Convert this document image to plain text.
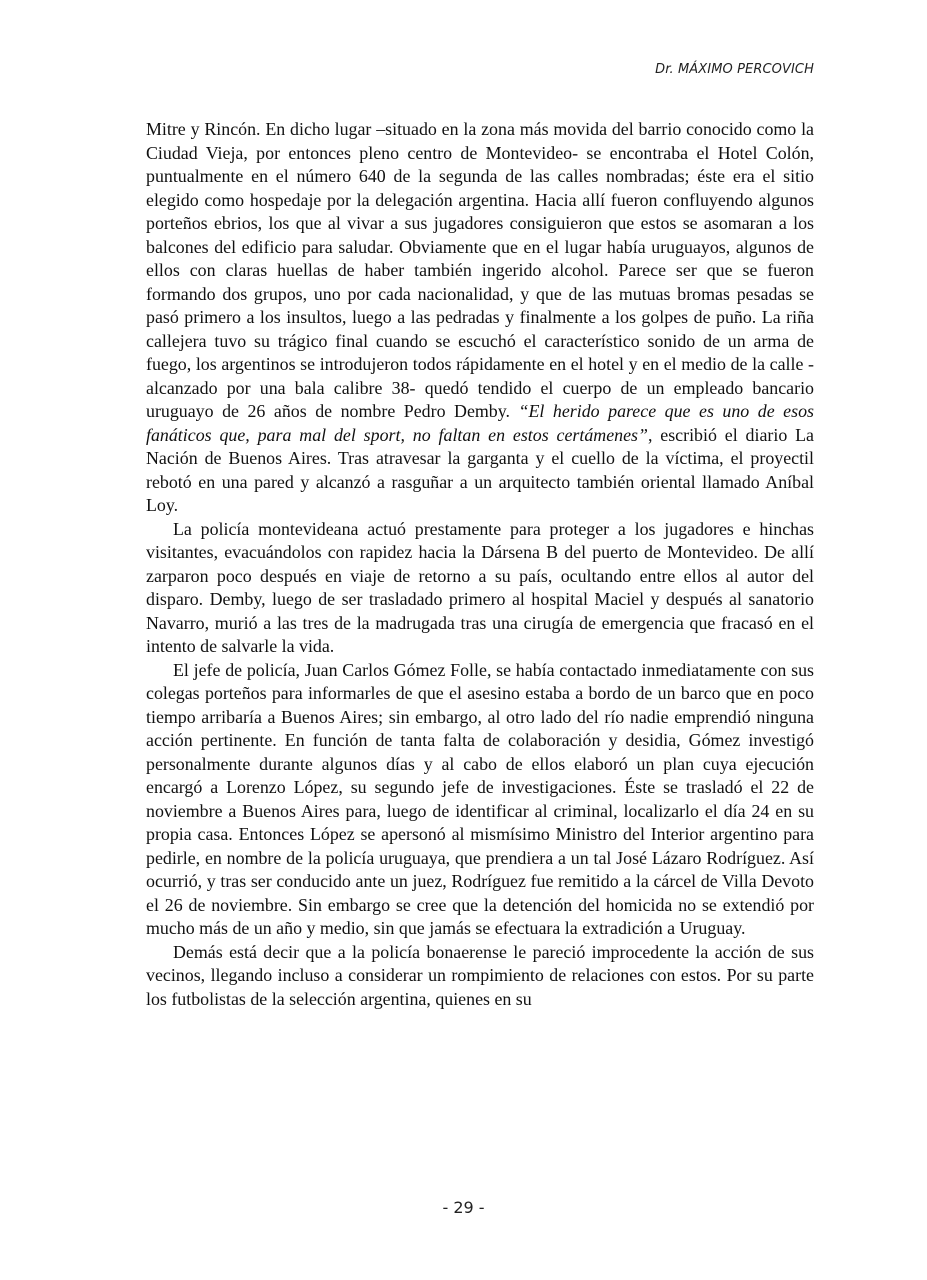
Dr. MÁXIMO PERCOVICH

Mitre y Rincón. En dicho lugar –situado en la zona más movida del barrio conocido como la Ciudad Vieja, por entonces pleno centro de Montevideo- se encontraba el Hotel Colón, puntualmente en el número 640 de la segunda de las calles nombradas; éste era el sitio elegido como hospedaje por la delegación argentina. Hacia allí fueron confluyendo algunos porteños ebrios, los que al vivar a sus jugadores consiguieron que estos se asomaran a los balcones del edificio para saludar. Obviamente que en el lugar había uruguayos, algunos de ellos con claras huellas de haber también ingerido alcohol. Parece ser que se fueron formando dos grupos, uno por cada nacionalidad, y que de las mutuas bromas pesadas se pasó primero a los insultos, luego a las pedradas y finalmente a los golpes de puño. La riña callejera tuvo su trágico final cuando se escuchó el característico sonido de un arma de fuego, los argentinos se introdujeron todos rápidamente en el hotel y en el medio de la calle -alcanzado por una bala calibre 38- quedó tendido el cuerpo de un empleado bancario uruguayo de 26 años de nombre Pedro Demby. “El herido parece que es uno de esos fanáticos que, para mal del sport, no faltan en estos certámenes”, escribió el diario La Nación de Buenos Aires. Tras atravesar la garganta y el cuello de la víctima, el proyectil rebotó en una pared y alcanzó a rasguñar a un arquitecto también oriental llamado Aníbal Loy.

La policía montevideana actuó prestamente para proteger a los jugadores e hinchas visitantes, evacuándolos con rapidez hacia la Dársena B del puerto de Montevideo. De allí zarparon poco después en viaje de retorno a su país, ocultando entre ellos al autor del disparo. Demby, luego de ser trasladado primero al hospital Maciel y después al sanatorio Navarro, murió a las tres de la madrugada tras una cirugía de emergencia que fracasó en el intento de salvarle la vida.

El jefe de policía, Juan Carlos Gómez Folle, se había contactado inmediatamente con sus colegas porteños para informarles de que el asesino estaba a bordo de un barco que en poco tiempo arribaría a Buenos Aires; sin embargo, al otro lado del río nadie emprendió ninguna acción pertinente. En función de tanta falta de colaboración y desidia, Gómez investigó personalmente durante algunos días y al cabo de ellos elaboró un plan cuya ejecución encargó a Lorenzo López, su segundo jefe de investigaciones. Éste se trasladó el 22 de noviembre a Buenos Aires para, luego de identificar al criminal, localizarlo el día 24 en su propia casa. Entonces López se apersonó al mismísimo Ministro del Interior argentino para pedirle, en nombre de la policía uruguaya, que prendiera a un tal José Lázaro Rodríguez. Así ocurrió, y tras ser conducido ante un juez, Rodríguez fue remitido a la cárcel de Villa Devoto el 26 de noviembre. Sin embargo se cree que la detención del homicida no se extendió por mucho más de un año y medio, sin que jamás se efectuara la extradición a Uruguay.

Demás está decir que a la policía bonaerense le pareció improcedente la acción de sus vecinos, llegando incluso a considerar un rompimiento de relaciones con estos. Por su parte los futbolistas de la selección argentina, quienes en su

- 29 -
